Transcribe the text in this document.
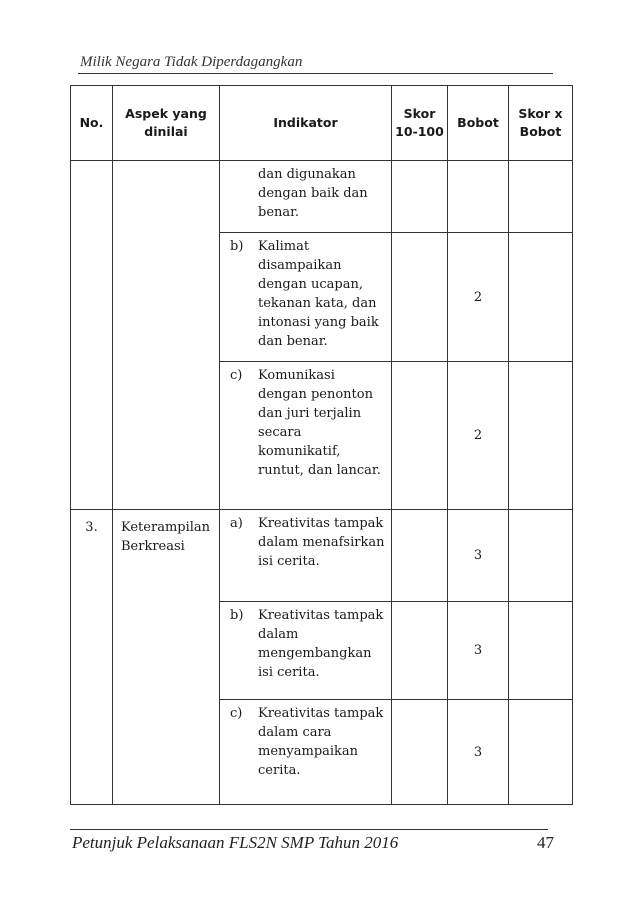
Milik Negara Tidak Diperdagangkan
No.	Aspek yang dinilai	Indikator	Skor 10-100	Bobot	Skor x Bobot

		dan digunakan dengan baik dan benar.			

		b) Kalimat disampaikan dengan ucapan, tekanan kata, dan intonasi yang baik dan benar.		2	

		c) Komunikasi dengan penonton dan juri terjalin secara komunikatif, runtut, dan lancar.		2	
3.	Keterampilan Berkreasi	a) Kreativitas tampak dalam menafsirkan isi cerita.		3	

		b) Kreativitas tampak dalam mengembangkan isi cerita.		3	

		c) Kreativitas tampak dalam cara menyampaikan cerita.		3	
Petunjuk Pelaksanaan FLS2N SMP Tahun 2016	47
